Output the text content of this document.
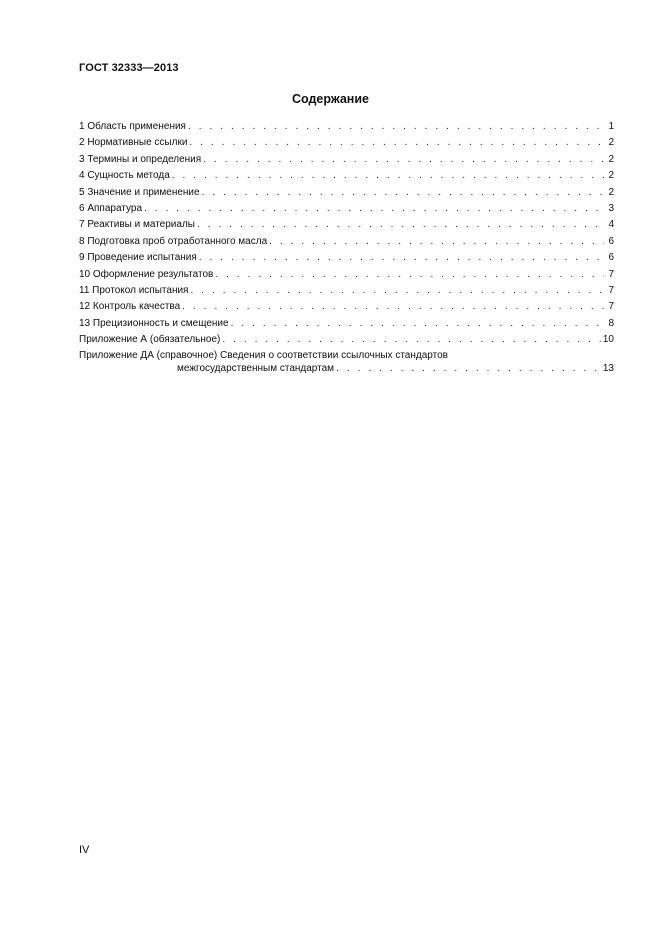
ГОСТ 32333—2013
Содержание
1 Область применения . . .	1
2 Нормативные ссылки . . .	2
3 Термины и определения . . .	2
4 Сущность метода . . .	2
5 Значение и применение . . .	2
6 Аппаратура . . .	3
7 Реактивы и материалы . . .	4
8 Подготовка проб отработанного масла . . .	6
9 Проведение испытания . . .	6
10 Оформление результатов . . .	7
11 Протокол испытания . . .	7
12 Контроль качества . . .	7
13 Прецизионность и смещение . . .	8
Приложение А (обязательное) . . .	10
Приложение ДА (справочное) Сведения о соответствии ссылочных стандартов
межгосударственным стандартам . . .	13
IV
